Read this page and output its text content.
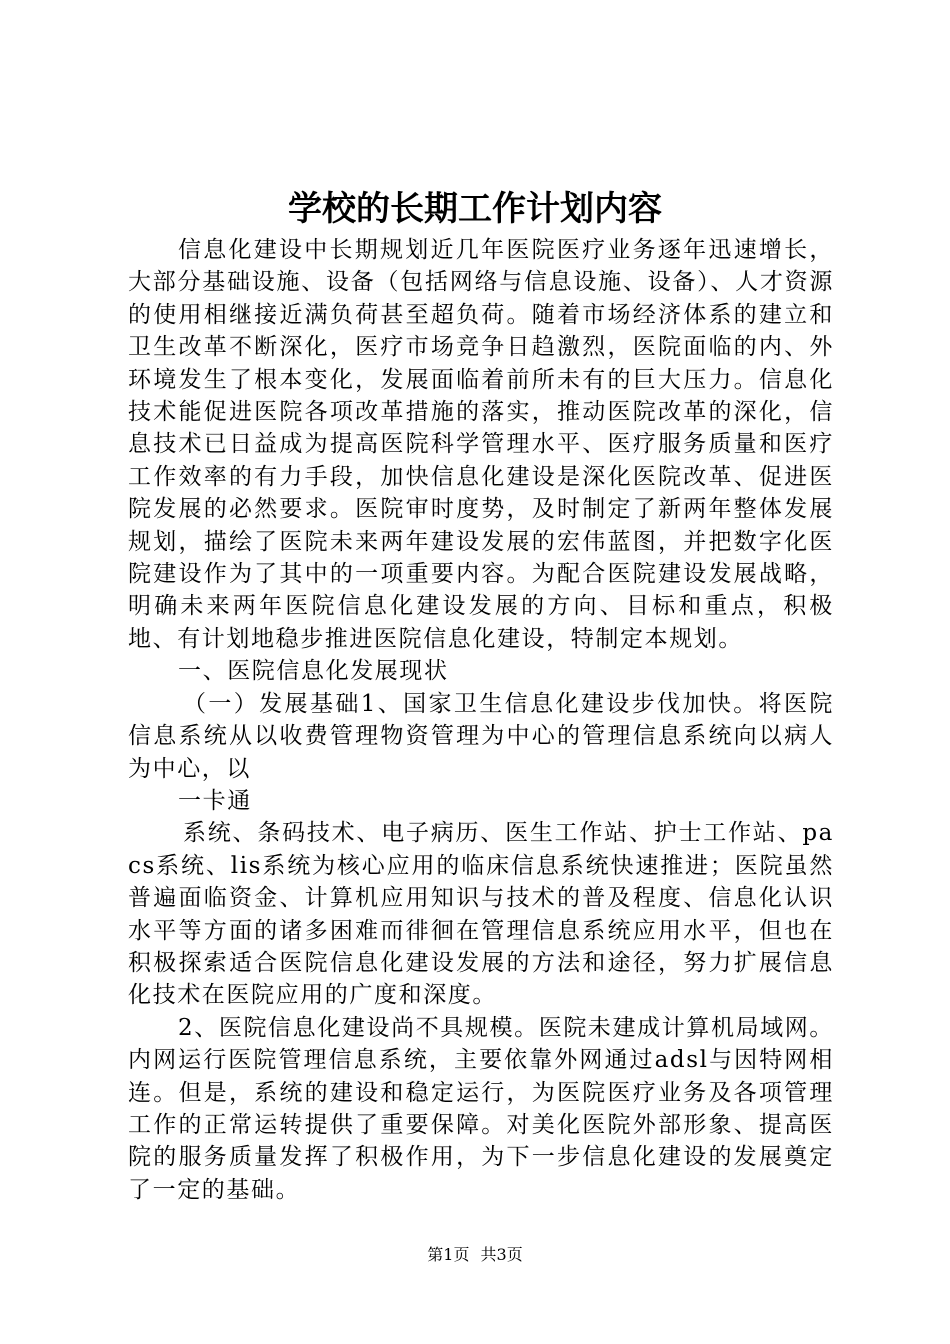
学校的长期工作计划内容

信息化建设中长期规划近几年医院医疗业务逐年迅速增长，大部分基础设施、设备（包括网络与信息设施、设备）、人才资源的使用相继接近满负荷甚至超负荷。随着市场经济体系的建立和卫生改革不断深化，医疗市场竞争日趋激烈，医院面临的内、外环境发生了根本变化，发展面临着前所未有的巨大压力。信息化技术能促进医院各项改革措施的落实，推动医院改革的深化，信息技术已日益成为提高医院科学管理水平、医疗服务质量和医疗工作效率的有力手段，加快信息化建设是深化医院改革、促进医院发展的必然要求。医院审时度势，及时制定了新两年整体发展规划，描绘了医院未来两年建设发展的宏伟蓝图，并把数字化医院建设作为了其中的一项重要内容。为配合医院建设发展战略，明确未来两年医院信息化建设发展的方向、目标和重点，积极地、有计划地稳步推进医院信息化建设，特制定本规划。

一、医院信息化发展现状

（一）发展基础1、国家卫生信息化建设步伐加快。将医院信息系统从以收费管理物资管理为中心的管理信息系统向以病人为中心，以

一卡通

系统、条码技术、电子病历、医生工作站、护士工作站、pacs系统、lis系统为核心应用的临床信息系统快速推进；医院虽然普遍面临资金、计算机应用知识与技术的普及程度、信息化认识水平等方面的诸多困难而徘徊在管理信息系统应用水平，但也在积极探索适合医院信息化建设发展的方法和途径，努力扩展信息化技术在医院应用的广度和深度。

2、医院信息化建设尚不具规模。医院未建成计算机局域网。内网运行医院管理信息系统，主要依靠外网通过adsl与因特网相连。但是，系统的建设和稳定运行，为医院医疗业务及各项管理工作的正常运转提供了重要保障。对美化医院外部形象、提高医院的服务质量发挥了积极作用，为下一步信息化建设的发展奠定了一定的基础。

第1页 共3页
